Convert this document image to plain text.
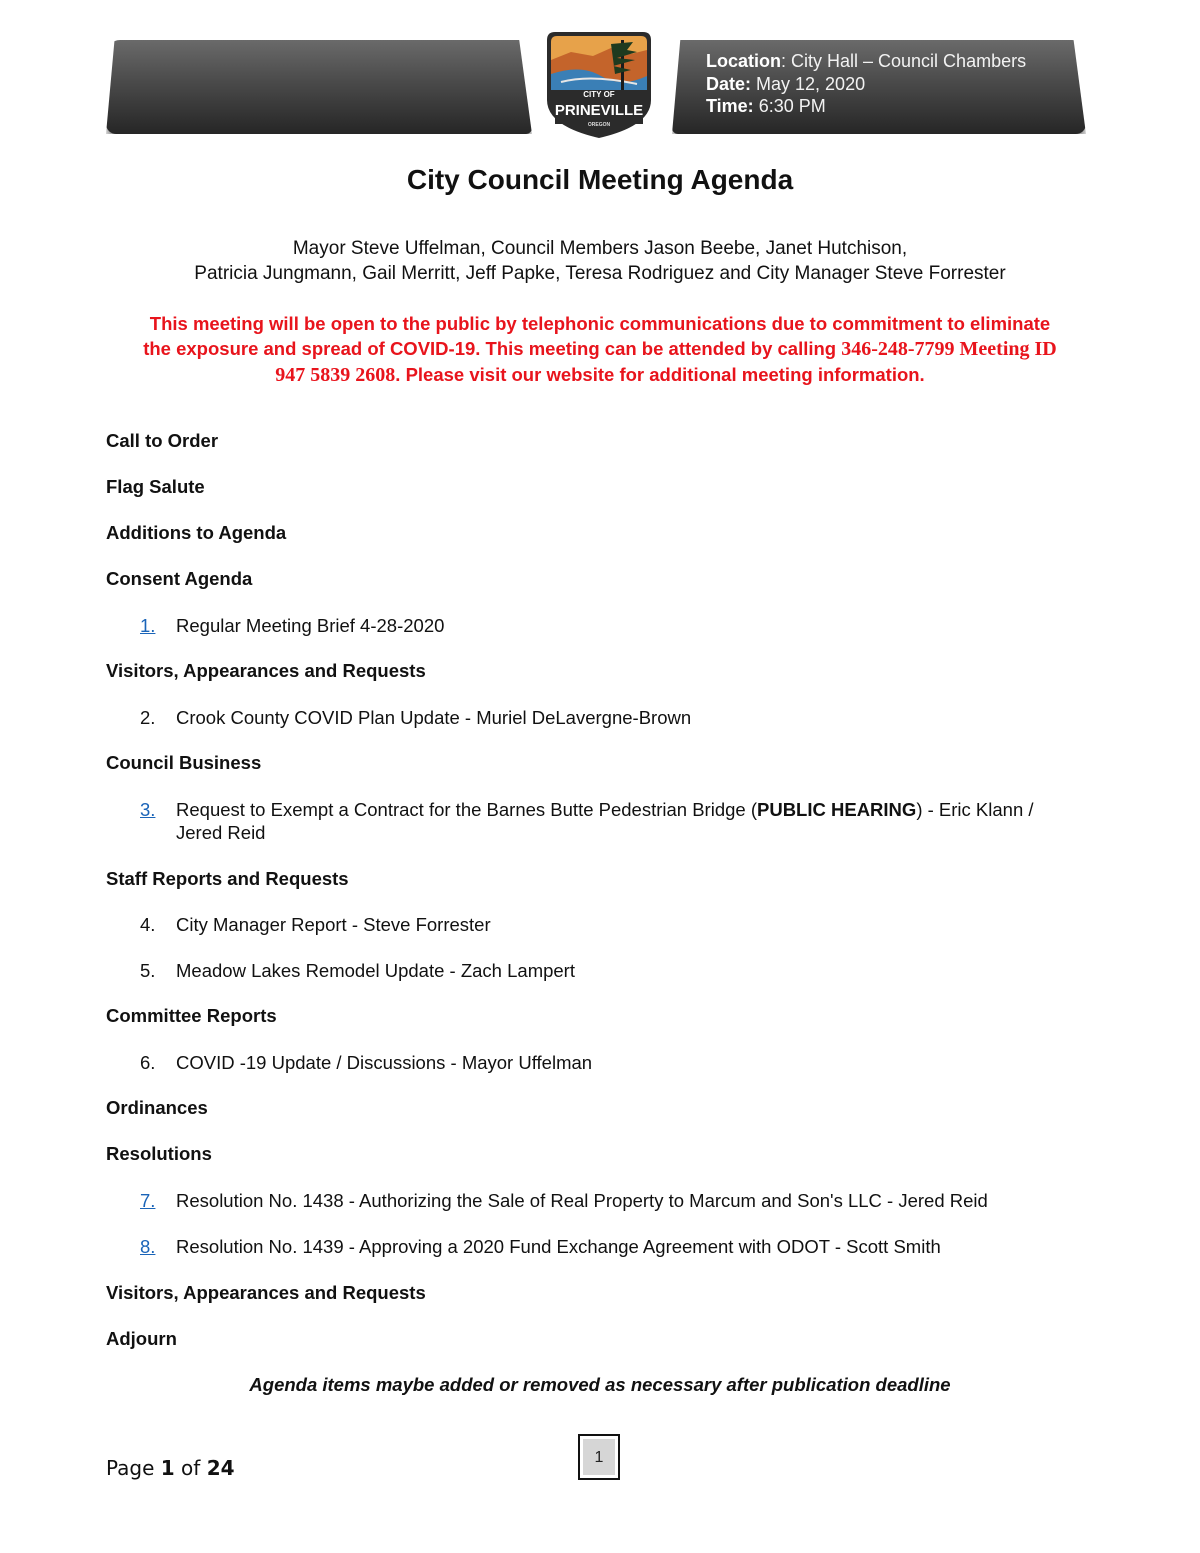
Location: City Hall – Council Chambers
Date: May 12, 2020
Time: 6:30 PM
CITY OF
PRINEVILLE
OREGON
City Council Meeting Agenda
Mayor Steve Uffelman, Council Members Jason Beebe, Janet Hutchison,
Patricia Jungmann, Gail Merritt, Jeff Papke, Teresa Rodriguez and City Manager Steve Forrester
This meeting will be open to the public by telephonic communications due to commitment to eliminate
the exposure and spread of COVID-19. This meeting can be attended by calling 346-248-7799 Meeting ID
947 5839 2608. Please visit our website for additional meeting information.
Call to Order
Flag Salute
Additions to Agenda
Consent Agenda
1. Regular Meeting Brief 4-28-2020
Visitors, Appearances and Requests
2. Crook County COVID Plan Update - Muriel DeLavergne-Brown
Council Business
3. Request to Exempt a Contract for the Barnes Butte Pedestrian Bridge (PUBLIC HEARING) - Eric Klann /
Jered Reid
Staff Reports and Requests
4. City Manager Report - Steve Forrester
5. Meadow Lakes Remodel Update - Zach Lampert
Committee Reports
6. COVID -19 Update / Discussions - Mayor Uffelman
Ordinances
Resolutions
7. Resolution No. 1438 - Authorizing the Sale of Real Property to Marcum and Son's LLC - Jered Reid
8. Resolution No. 1439 - Approving a 2020 Fund Exchange Agreement with ODOT - Scott Smith
Visitors, Appearances and Requests
Adjourn
Agenda items maybe added or removed as necessary after publication deadline
1
Page 1 of 24
